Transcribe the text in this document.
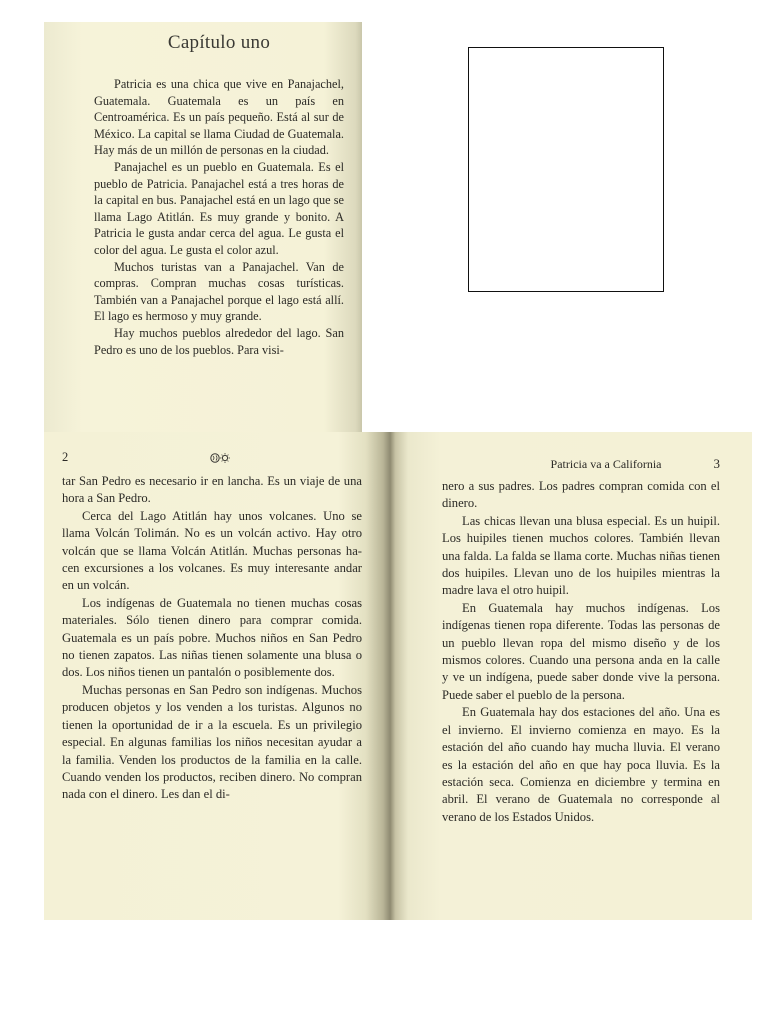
Capítulo uno

Patricia es una chica que vive en Panajachel, Guatemala. Guatemala es un país en Centroamérica. Es un país pequeño. Está al sur de México. La capital se llama Ciudad de Guatemala. Hay más de un millón de personas en la ciudad.

Panajachel es un pueblo en Guatemala. Es el pueblo de Patricia. Panajachel está a tres horas de la capital en bus. Panajachel está en un lago que se llama Lago Atitlán. Es muy grande y bonito. A Patricia le gusta andar cerca del agua. Le gusta el color del agua. Le gusta el color azul.

Muchos turistas van a Panajachel. Van de compras. Compran muchas cosas turísticas. También van a Panajachel porque el lago está allí. El lago es hermoso y muy grande.

Hay muchos pueblos alrededor del lago. San Pedro es uno de los pueblos. Para visi-

2

tar San Pedro es necesario ir en lancha. Es un viaje de una hora a San Pedro.

Cerca del Lago Atitlán hay unos volcanes. Uno se llama Volcán Tolimán. No es un volcán activo. Hay otro volcán que se llama Volcán Atitlán. Muchas personas hacen excursiones a los volcanes. Es muy interesante andar en un volcán.

Los indígenas de Guatemala no tienen muchas cosas materiales. Sólo tienen dinero para comprar comida. Guatemala es un país pobre. Muchos niños en San Pedro no tienen zapatos. Las niñas tienen solamente una blusa o dos. Los niños tienen un pantalón o posiblemente dos.

Muchas personas en San Pedro son indígenas. Muchos producen objetos y los venden a los turistas. Algunos no tienen la oportunidad de ir a la escuela. Es un privilegio especial. En algunas familias los niños necesitan ayudar a la familia. Venden los productos de la familia en la calle. Cuando venden los productos, reciben dinero. No compran nada con el dinero. Les dan el di-

Patricia va a California	3

nero a sus padres. Los padres compran comida con el dinero.

Las chicas llevan una blusa especial. Es un huipil. Los huipiles tienen muchos colores. También llevan una falda. La falda se llama corte. Muchas niñas tienen dos huipiles. Llevan uno de los huipiles mientras la madre lava el otro huipil.

En Guatemala hay muchos indígenas. Los indígenas tienen ropa diferente. Todas las personas de un pueblo llevan ropa del mismo diseño y de los mismos colores. Cuando una persona anda en la calle y ve un indígena, puede saber donde vive la persona. Puede saber el pueblo de la persona.

En Guatemala hay dos estaciones del año. Una es el invierno. El invierno comienza en mayo. Es la estación del año cuando hay mucha lluvia. El verano es la estación del año en que hay poca lluvia. Es la estación seca. Comienza en diciembre y termina en abril. El verano de Guatemala no corresponde al verano de los Estados Unidos.
